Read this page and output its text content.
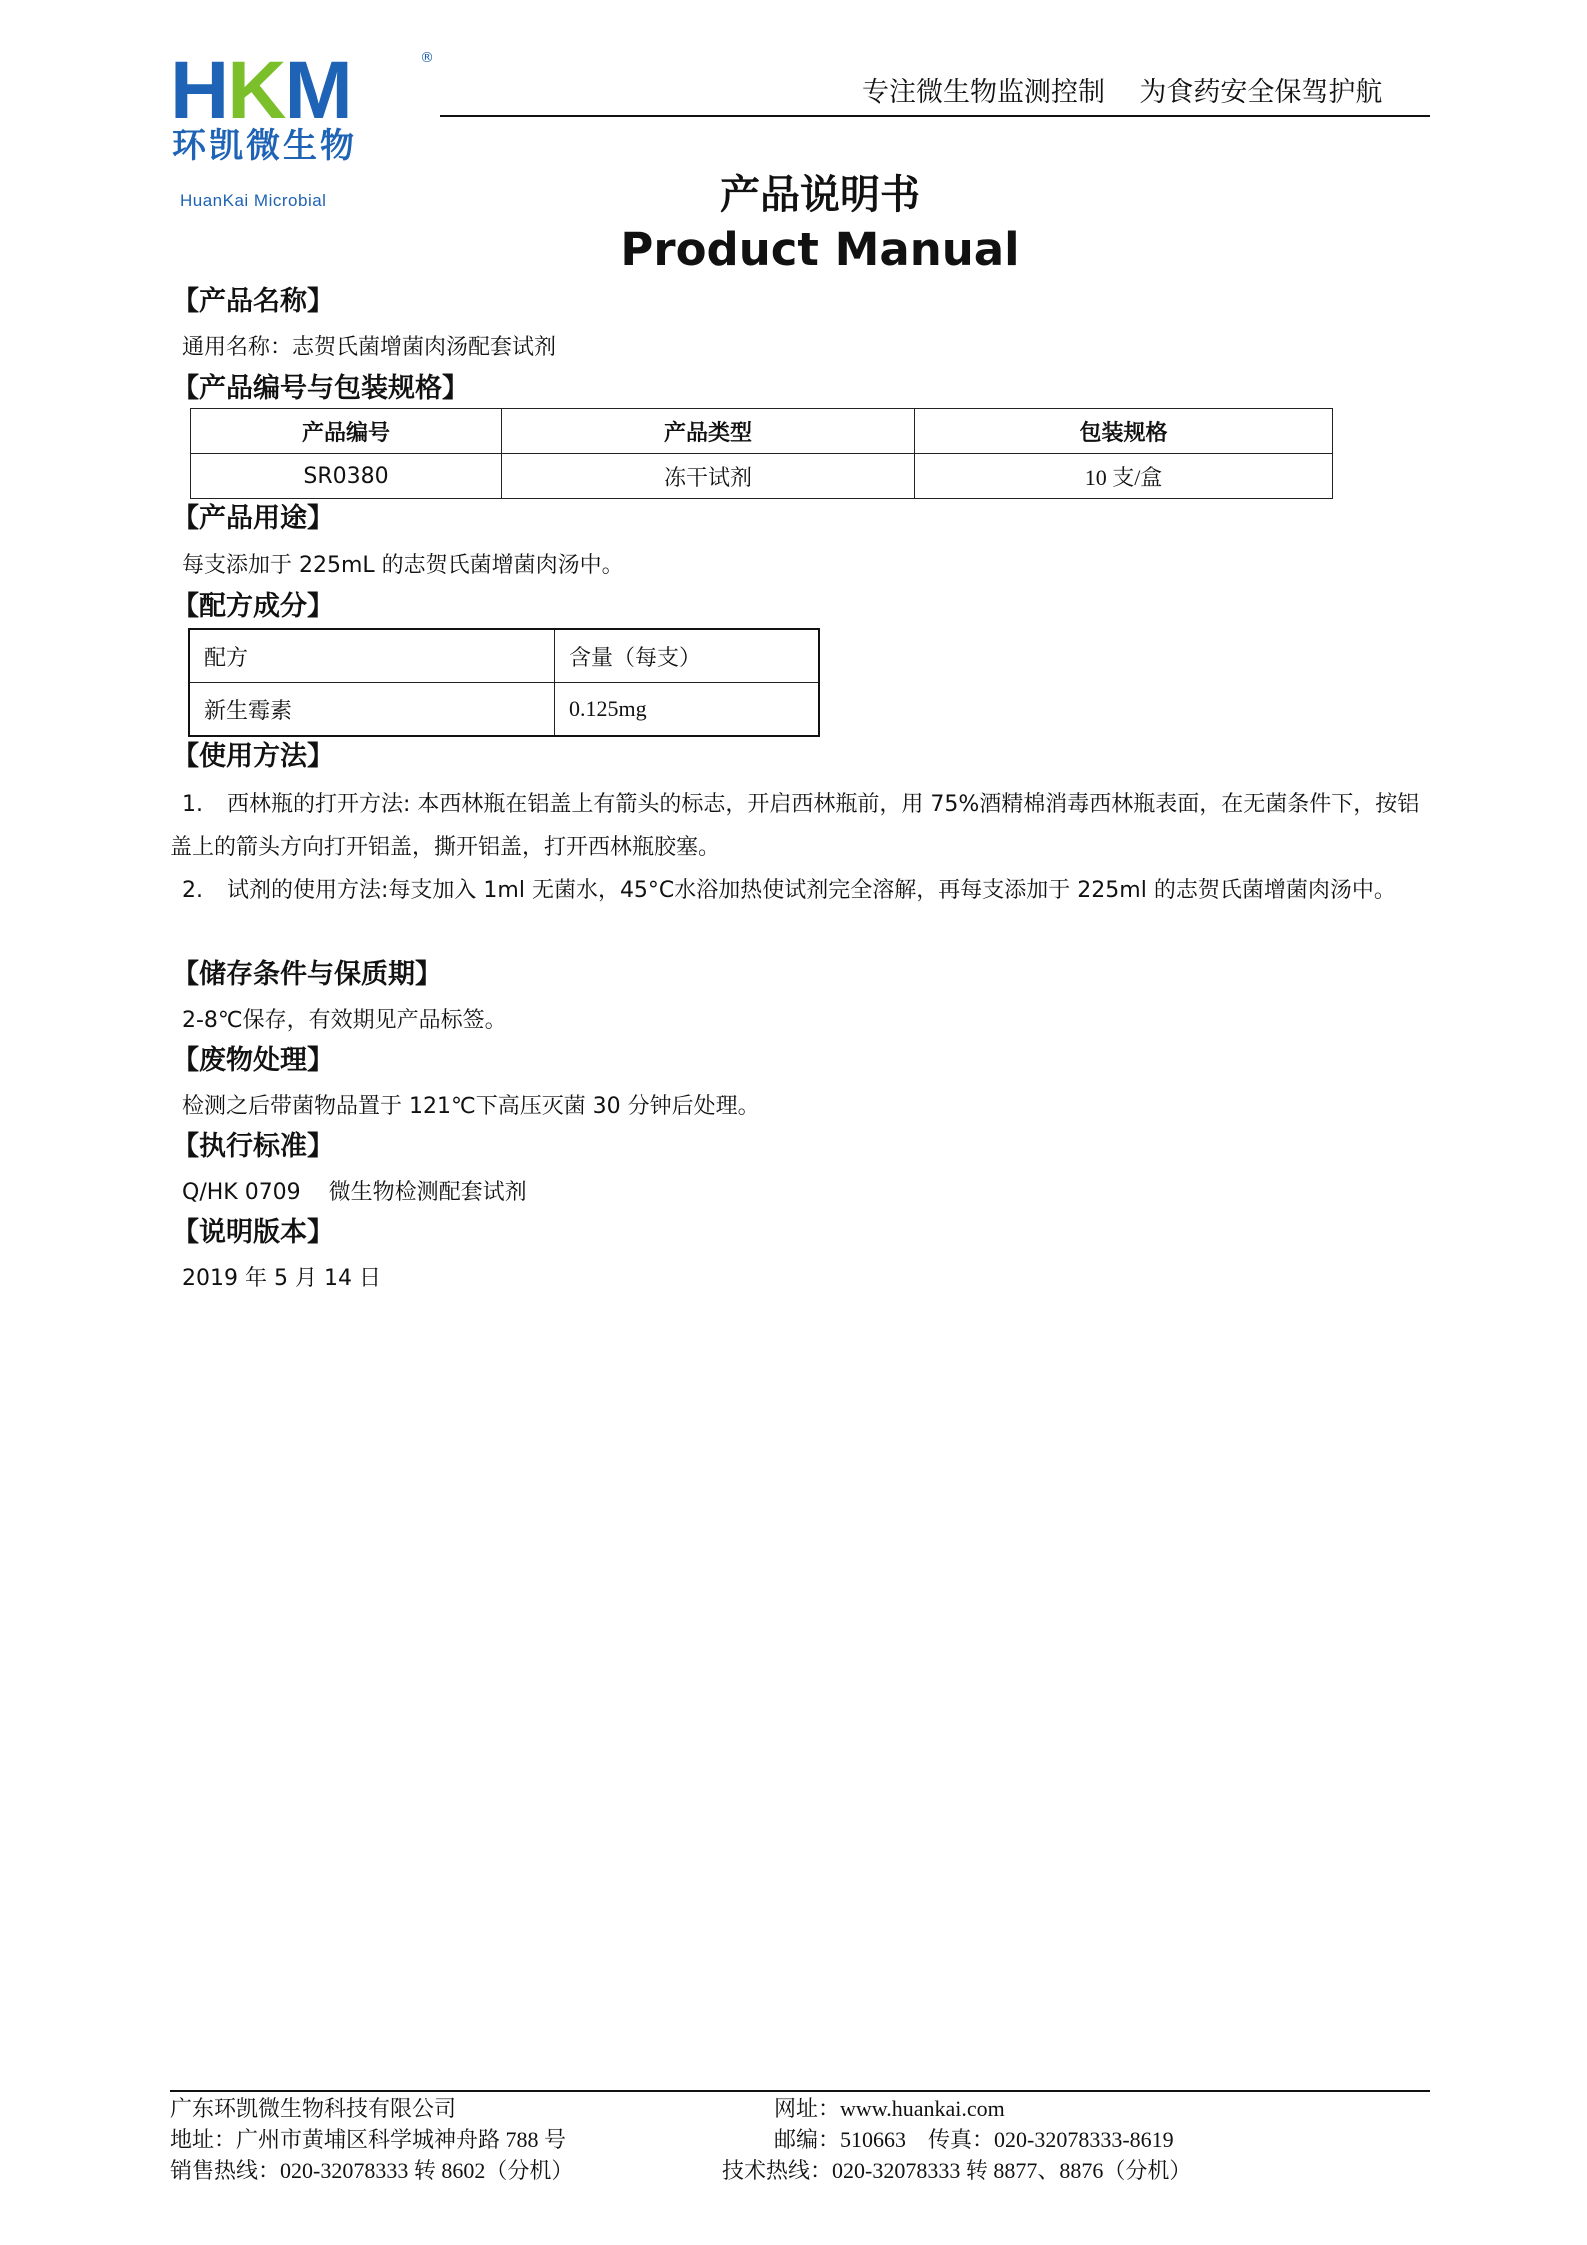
HKM	®
环凯微生物
HuanKai Microbial
专注微生物监测控制    为食药安全保驾护航
产品说明书
Product Manual
【产品名称】
通用名称：志贺氏菌增菌肉汤配套试剂
【产品编号与包装规格】
产品编号	产品类型	包装规格
SR0380	冻干试剂	10 支/盒
【产品用途】
每支添加于 225mL 的志贺氏菌增菌肉汤中。
【配方成分】
配方	含量（每支）
新生霉素	0.125mg
【使用方法】
1. 西林瓶的打开方法: 本西林瓶在铝盖上有箭头的标志，开启西林瓶前，用 75%酒精棉消毒西林瓶表面，在无菌条件下，按铝盖上的箭头方向打开铝盖，撕开铝盖，打开西林瓶胶塞。
2. 试剂的使用方法:每支加入 1ml 无菌水，45°C水浴加热使试剂完全溶解，再每支添加于 225ml 的志贺氏菌增菌肉汤中。
【储存条件与保质期】
2-8℃保存，有效期见产品标签。
【废物处理】
检测之后带菌物品置于 121℃下高压灭菌 30 分钟后处理。
【执行标准】
Q/HK 0709    微生物检测配套试剂
【说明版本】
2019 年 5 月 14 日
广东环凯微生物科技有限公司
地址：广州市黄埔区科学城神舟路 788 号
销售热线：020-32078333 转 8602（分机）
网址：www.huankai.com
邮编：510663    传真：020-32078333-8619
技术热线：020-32078333 转 8877、8876（分机）
